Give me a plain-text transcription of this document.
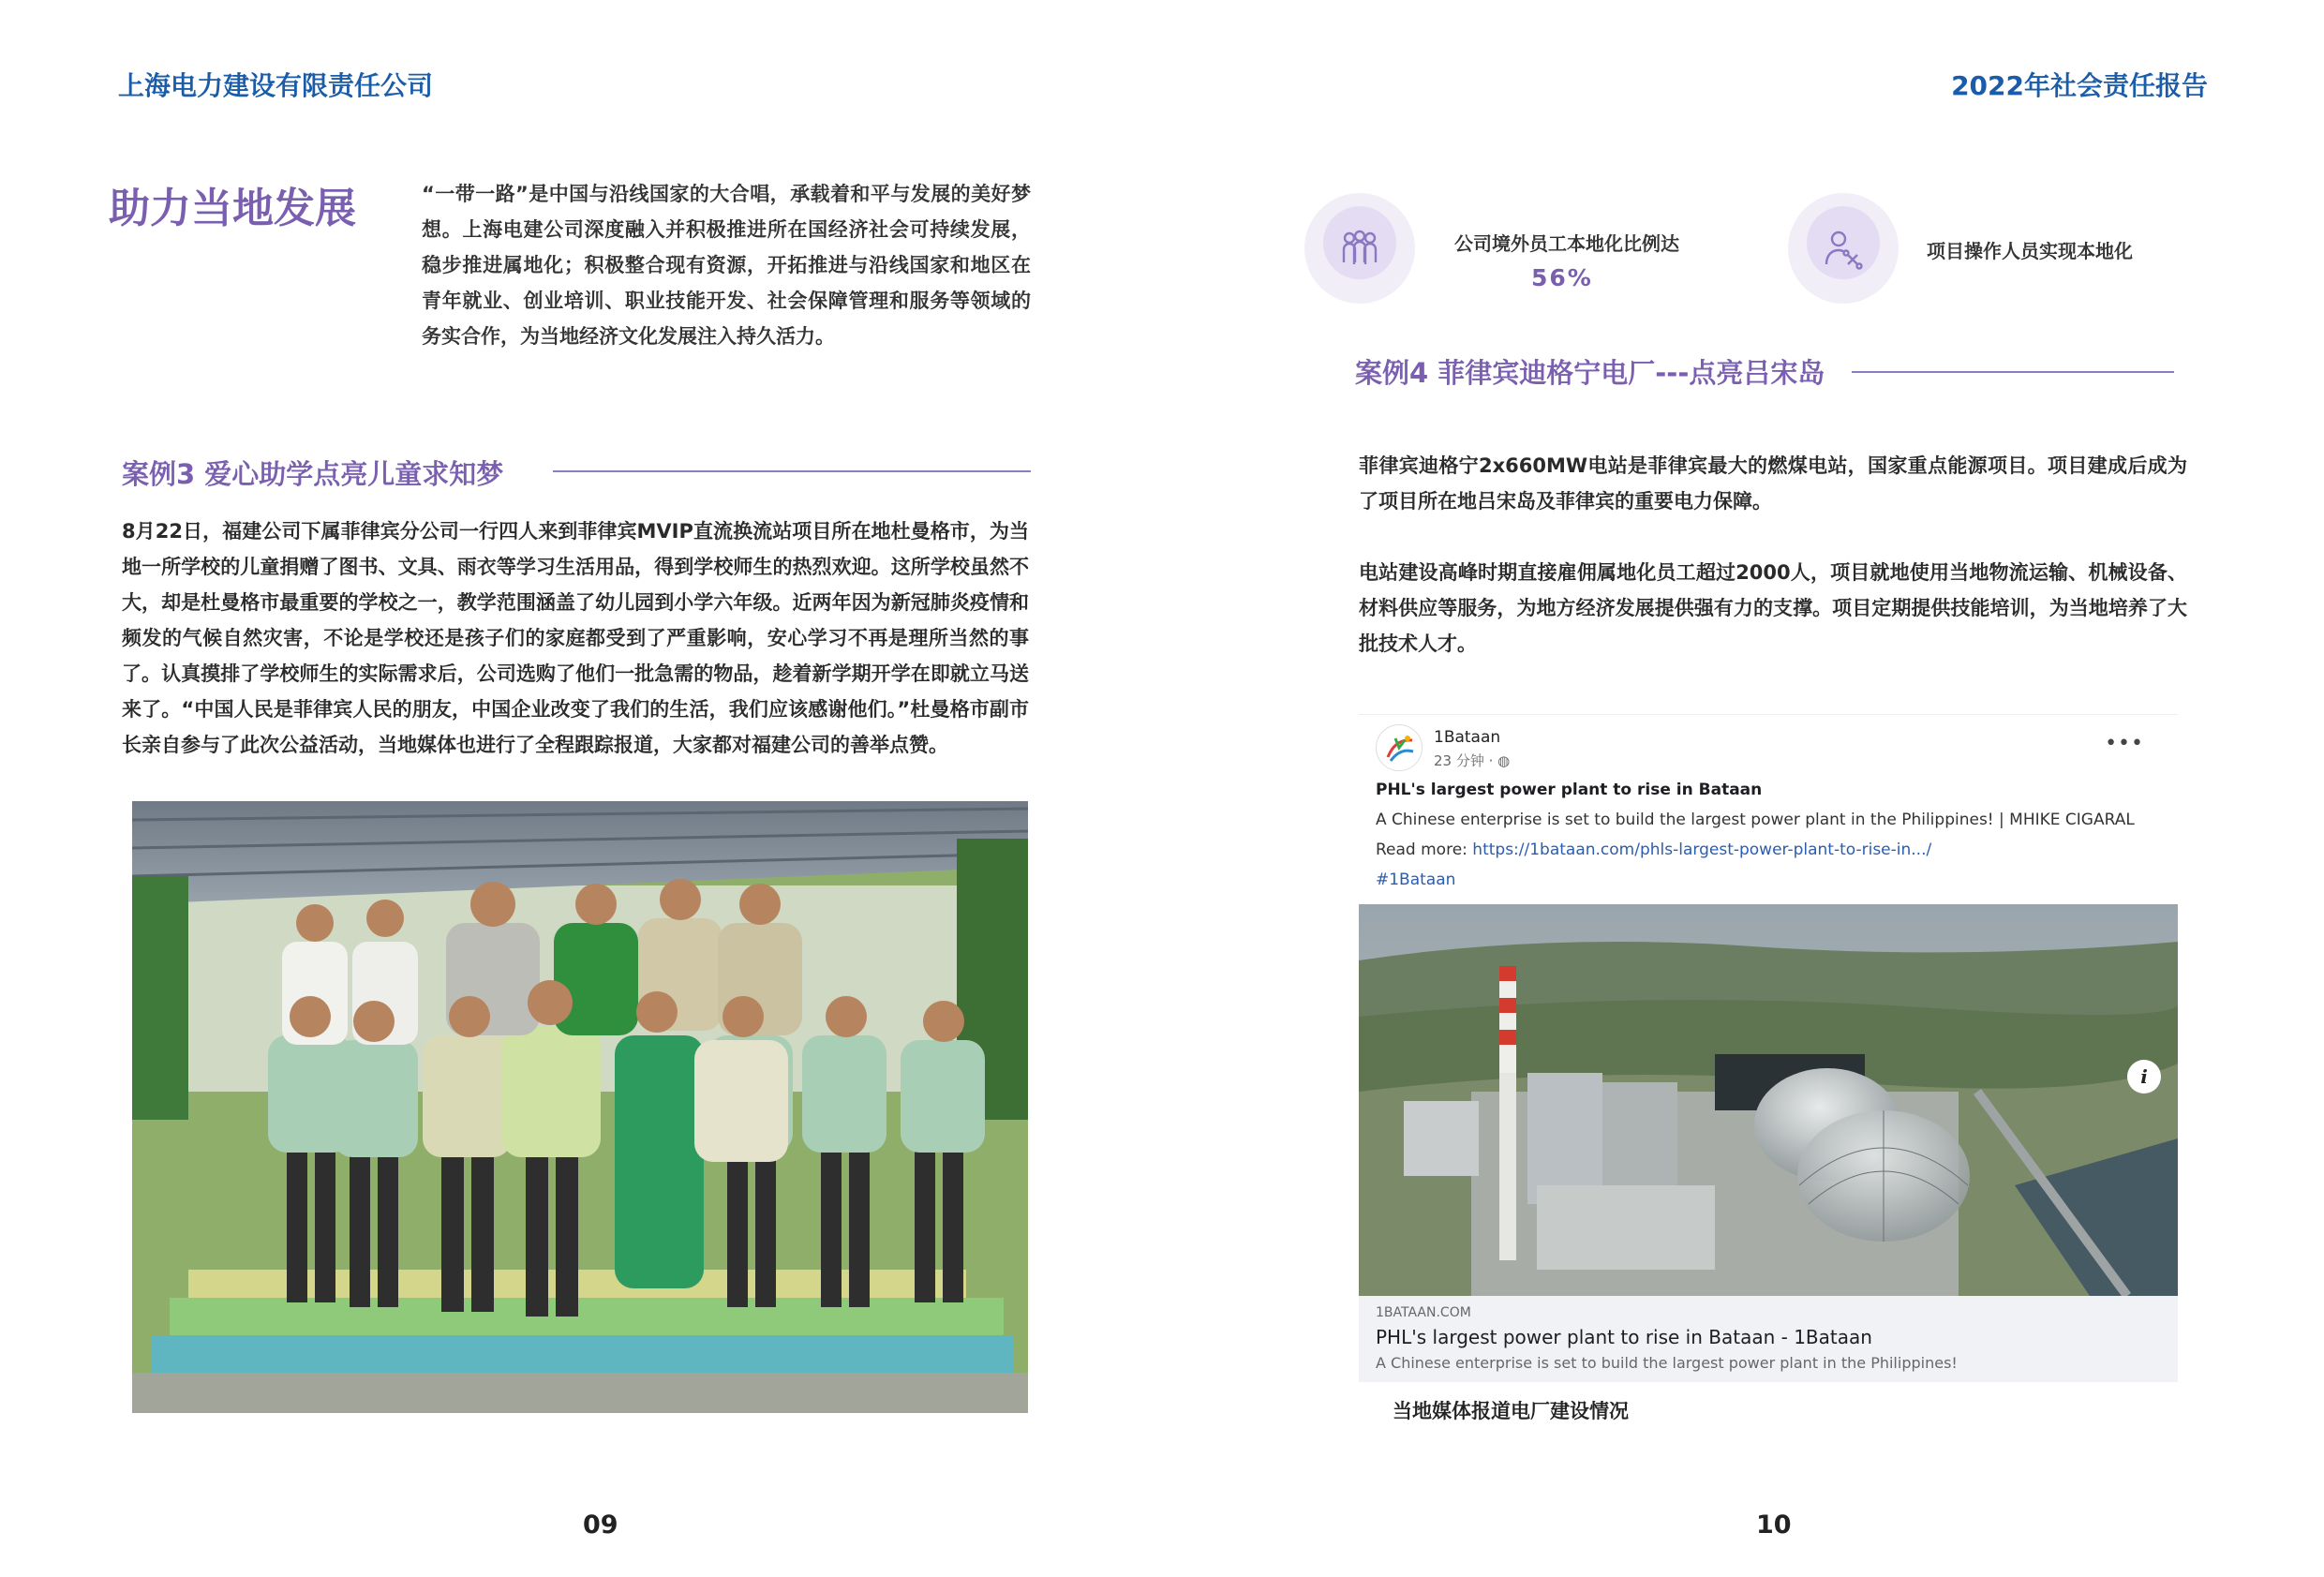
上海电力建设有限责任公司	2022年社会责任报告
助力当地发展	“一带一路”是中国与沿线国家的大合唱，承载着和平与发展的美好梦想。上海电建公司深度融入并积极推进所在国经济社会可持续发展，稳步推进属地化；积极整合现有资源，开拓推进与沿线国家和地区在青年就业、创业培训、职业技能开发、社会保障管理和服务等领域的务实合作，为当地经济文化发展注入持久活力。
案例3 爱心助学点亮儿童求知梦

8月22日，福建公司下属菲律宾分公司一行四人来到菲律宾MVIP直流换流站项目所在地杜曼格市，为当地一所学校的儿童捐赠了图书、文具、雨衣等学习生活用品，得到学校师生的热烈欢迎。这所学校虽然不大，却是杜曼格市最重要的学校之一，教学范围涵盖了幼儿园到小学六年级。近两年因为新冠肺炎疫情和频发的气候自然灾害，不论是学校还是孩子们的家庭都受到了严重影响，安心学习不再是理所当然的事了。认真摸排了学校师生的实际需求后，公司选购了他们一批急需的物品，趁着新学期开学在即就立马送来了。“中国人民是菲律宾人民的朋友，中国企业改变了我们的生活，我们应该感谢他们。”杜曼格市副市长亲自参与了此次公益活动，当地媒体也进行了全程跟踪报道，大家都对福建公司的善举点赞。

09
公司境外员工本地化比例达
56%
项目操作人员实现本地化
案例4 菲律宾迪格宁电厂---点亮吕宋岛

菲律宾迪格宁2x660MW电站是菲律宾最大的燃煤电站，国家重点能源项目。项目建成后成为了项目所在地吕宋岛及菲律宾的重要电力保障。

电站建设高峰时期直接雇佣属地化员工超过2000人，项目就地使用当地物流运输、机械设备、材料供应等服务，为地方经济发展提供强有力的支撑。项目定期提供技能培训，为当地培养了大批技术人才。

1Bataan
23 分钟 · ◍
•••
PHL's largest power plant to rise in Bataan
A Chinese enterprise is set to build the largest power plant in the Philippines! | MHIKE CIGARAL
Read more: https://1bataan.com/phls-largest-power-plant-to-rise-in.../
#1Bataan
i
1BATAAN.COM
PHL's largest power plant to rise in Bataan - 1Bataan
A Chinese enterprise is set to build the largest power plant in the Philippines!
当地媒体报道电厂建设情况
10
